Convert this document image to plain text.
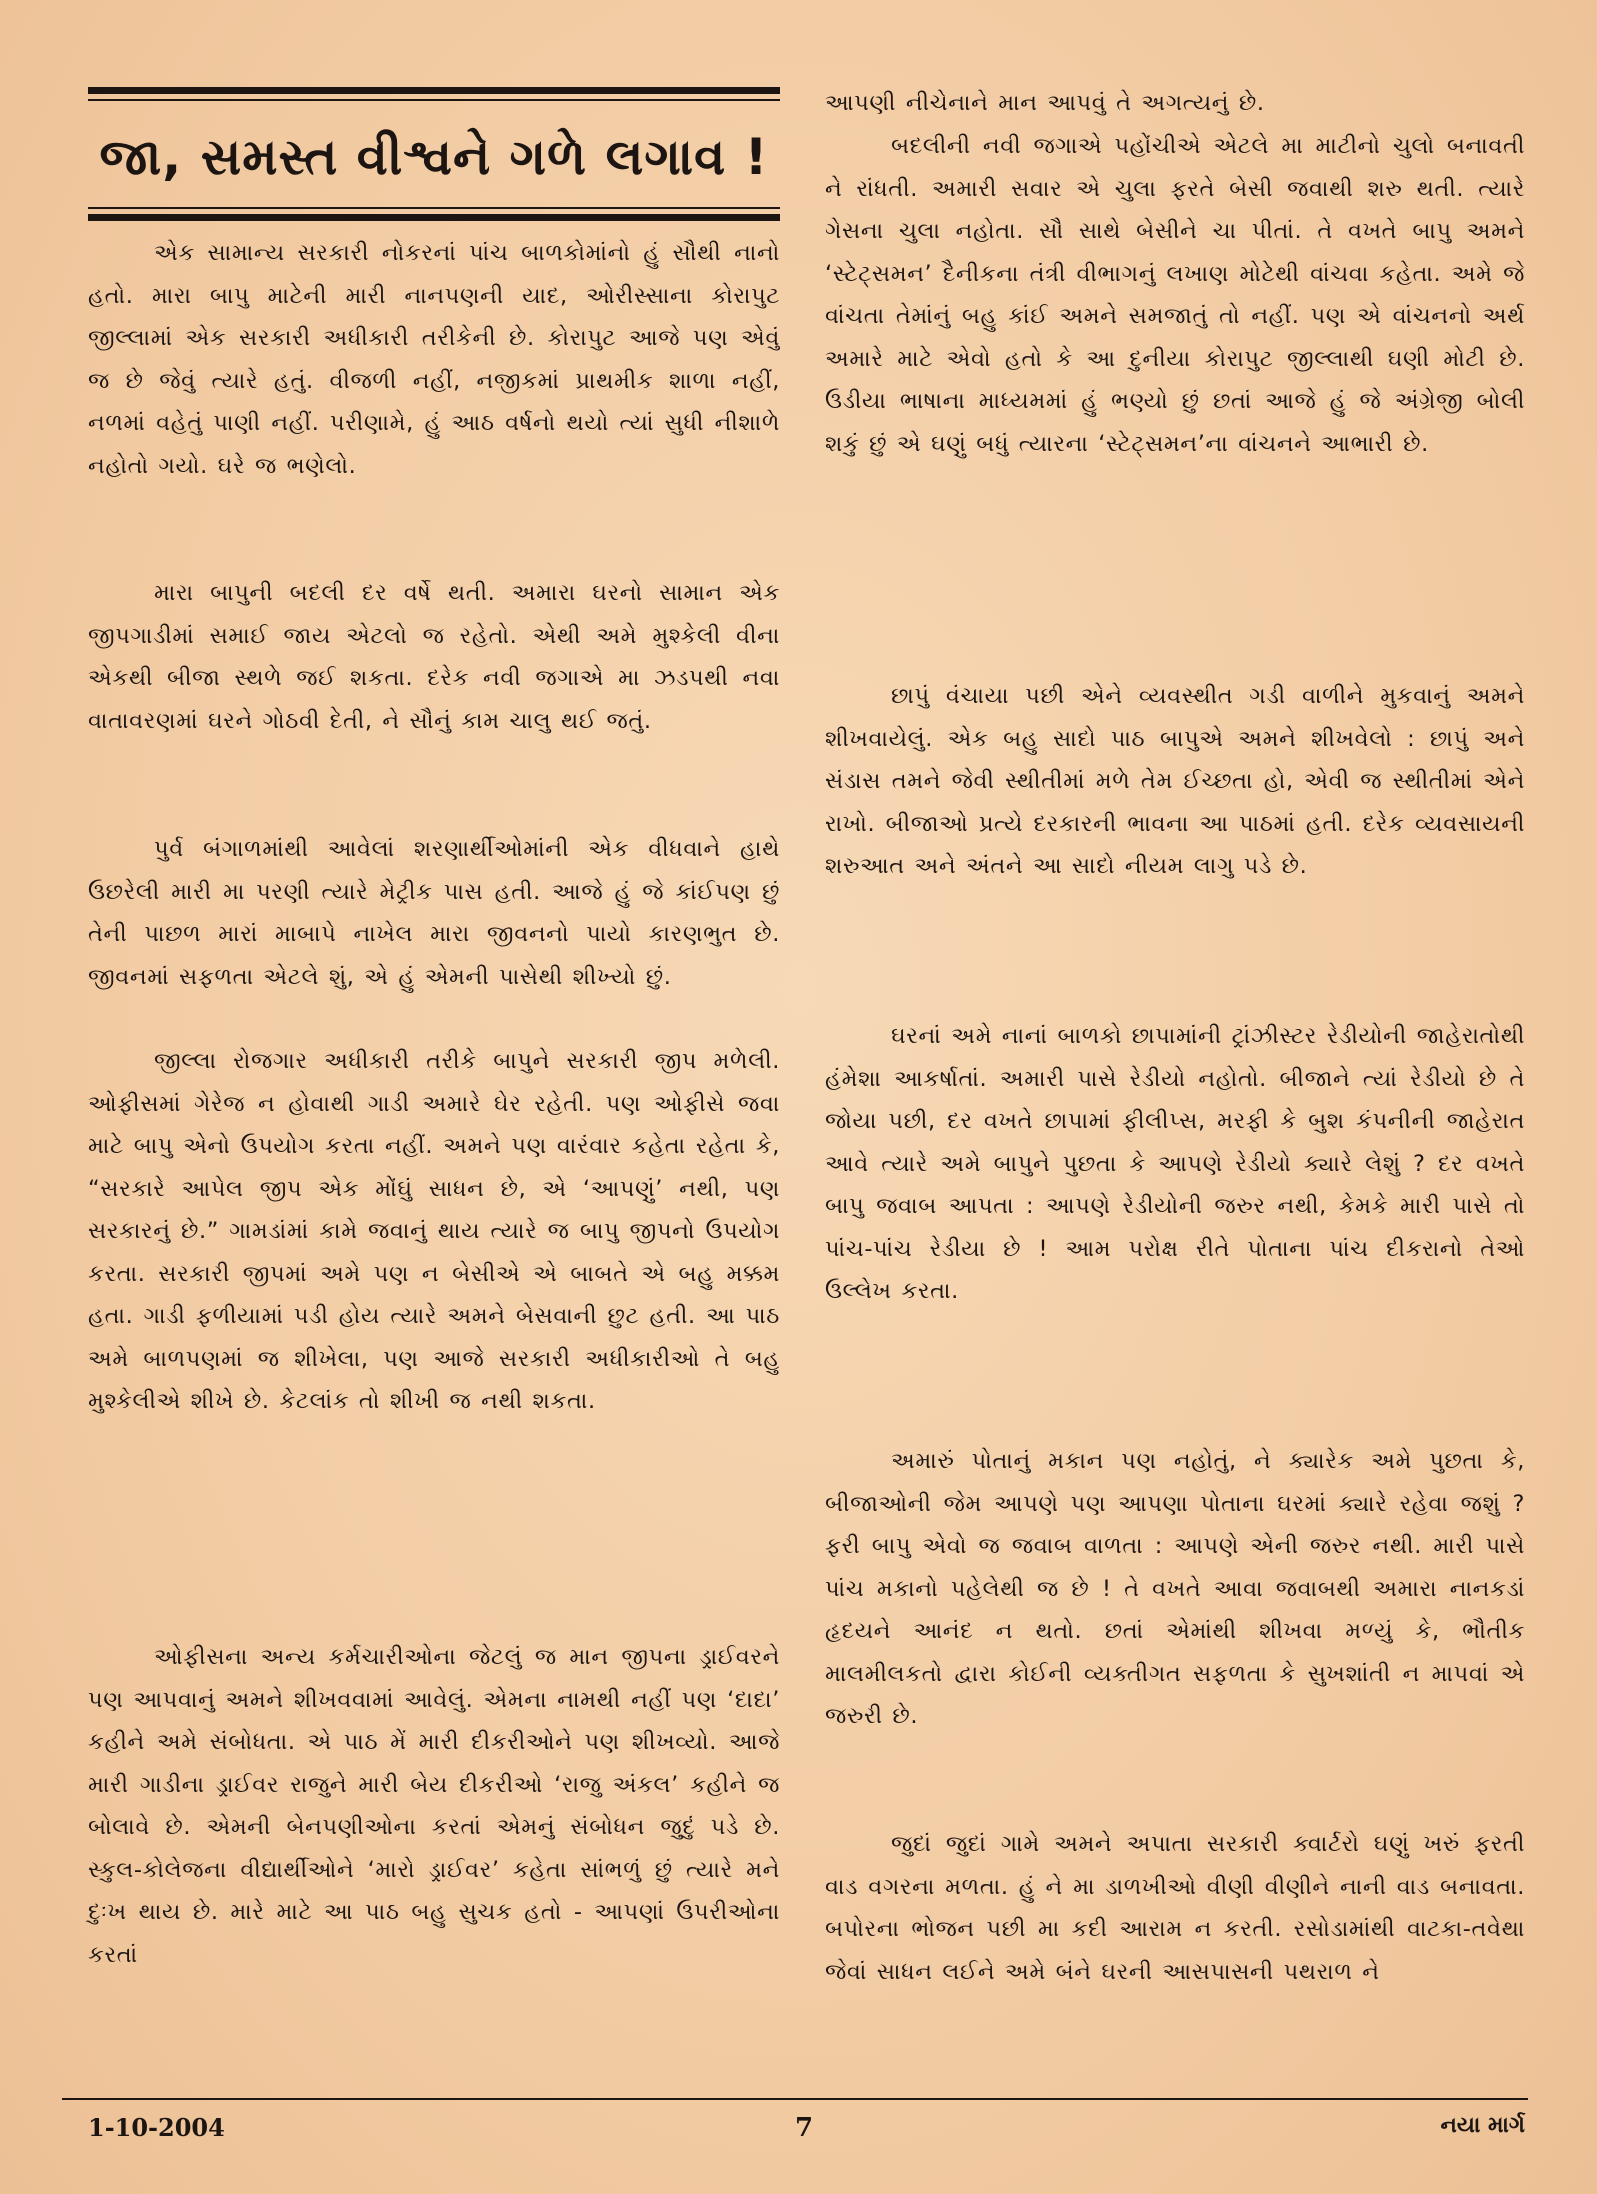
જા, સમસ્ત વીશ્વને ગળે લગાવ !

એક સામાન્ય સરકારી નોકરનાં પાંચ બાળકોમાંનો હું સૌથી નાનો હતો. મારા બાપુ માટેની મારી નાનપણની યાદ, ઓરીસ્સાના કોરાપુટ જીલ્લામાં એક સરકારી અધીકારી તરીકેની છે. કોરાપુટ આજે પણ એવું જ છે જેવું ત્યારે હતું. વીજળી નહીં, નજીકમાં પ્રાથમીક શાળા નહીં, નળમાં વહેતું પાણી નહીં. પરીણામે, હું આઠ વર્ષનો થયો ત્યાં સુધી નીશાળે નહોતો ગયો. ઘરે જ ભણેલો.

મારા બાપુની બદલી દર વર્ષે થતી. અમારા ઘરનો સામાન એક જીપગાડીમાં સમાઈ જાય એટલો જ રહેતો. એથી અમે મુશ્કેલી વીના એકથી બીજા સ્થળે જઈ શકતા. દરેક નવી જગાએ મા ઝડપથી નવા વાતાવરણમાં ઘરને ગોઠવી દેતી, ને સૌનું કામ ચાલુ થઈ જતું.

પુર્વ બંગાળમાંથી આવેલાં શરણાર્થીઓમાંની એક વીધવાને હાથે ઉછરેલી મારી મા પરણી ત્યારે મેટ્રીક પાસ હતી. આજે હું જે કાંઈપણ છું તેની પાછળ મારાં માબાપે નાખેલ મારા જીવનનો પાયો કારણભુત છે. જીવનમાં સફળતા એટલે શું, એ હું એમની પાસેથી શીખ્યો છું.

જીલ્લા રોજગાર અધીકારી તરીકે બાપુને સરકારી જીપ મળેલી. ઓફીસમાં ગેરેજ ન હોવાથી ગાડી અમારે ઘેર રહેતી. પણ ઓફીસે જવા માટે બાપુ એનો ઉપયોગ કરતા નહીં. અમને પણ વારંવાર કહેતા રહેતા કે, “સરકારે આપેલ જીપ એક મોંઘું સાધન છે, એ ‘આપણું’ નથી, પણ સરકારનું છે.” ગામડાંમાં કામે જવાનું થાય ત્યારે જ બાપુ જીપનો ઉપયોગ કરતા. સરકારી જીપમાં અમે પણ ન બેસીએ એ બાબતે એ બહુ મક્કમ હતા. ગાડી ફળીયામાં પડી હોય ત્યારે અમને બેસવાની છુટ હતી. આ પાઠ અમે બાળપણમાં જ શીખેલા, પણ આજે સરકારી અધીકારીઓ તે બહુ મુશ્કેલીએ શીખે છે. કેટલાંક તો શીખી જ નથી શકતા.

ઓફીસના અન્ય કર્મચારીઓના જેટલું જ માન જીપના ડ્રાઈવરને પણ આપવાનું અમને શીખવવામાં આવેલું. એમના નામથી નહીં પણ ‘દાદા’ કહીને અમે સંબોધતા. એ પાઠ મેં મારી દીકરીઓને પણ શીખવ્યો. આજે મારી ગાડીના ડ્રાઈવર રાજુને મારી બેય દીકરીઓ ‘રાજુ અંકલ’ કહીને જ બોલાવે છે. એમની બેનપણીઓના કરતાં એમનું સંબોધન જુદું પડે છે. સ્કુલ-કોલેજના વીદ્યાર્થીઓને ‘મારો ડ્રાઈવર’ કહેતા સાંભળું છું ત્યારે મને દુઃખ થાય છે. મારે માટે આ પાઠ બહુ સુચક હતો - આપણાં ઉપરીઓના કરતાં

આપણી નીચેનાને માન આપવું તે અગત્યનું છે.

બદલીની નવી જગાએ પહોંચીએ એટલે મા માટીનો ચુલો બનાવતી ને રાંધતી. અમારી સવાર એ ચુલા ફરતે બેસી જવાથી શરુ થતી. ત્યારે ગેસના ચુલા નહોતા. સૌ સાથે બેસીને ચા પીતાં. તે વખતે બાપુ અમને ‘સ્ટેટ્સમન’ દૈનીકના તંત્રી વીભાગનું લખાણ મોટેથી વાંચવા કહેતા. અમે જે વાંચતા તેમાંનું બહુ કાંઈ અમને સમજાતું તો નહીં. પણ એ વાંચનનો અર્થ અમારે માટે એવો હતો કે આ દુનીયા કોરાપુટ જીલ્લાથી ઘણી મોટી છે. ઉડીયા ભાષાના માધ્યમમાં હું ભણ્યો છું છતાં આજે હું જે અંગ્રેજી બોલી શકું છું એ ઘણું બધું ત્યારના ‘સ્ટેટ્સમન’ના વાંચનને આભારી છે.

છાપું વંચાયા પછી એને વ્યવસ્થીત ગડી વાળીને મુકવાનું અમને શીખવાયેલું. એક બહુ સાદો પાઠ બાપુએ અમને શીખવેલો : છાપું અને સંડાસ તમને જેવી સ્થીતીમાં મળે તેમ ઈચ્છતા હો, એવી જ સ્થીતીમાં એને રાખો. બીજાઓ પ્રત્યે દરકારની ભાવના આ પાઠમાં હતી. દરેક વ્યવસાયની શરુઆત અને અંતને આ સાદો નીયમ લાગુ પડે છે.

ઘરનાં અમે નાનાં બાળકો છાપામાંની ટ્રાંઝીસ્ટર રેડીયોની જાહેરાતોથી હંમેશા આકર્ષાતાં. અમારી પાસે રેડીયો નહોતો. બીજાને ત્યાં રેડીયો છે તે જોયા પછી, દર વખતે છાપામાં ફીલીપ્સ, મરફી કે બુશ કંપનીની જાહેરાત આવે ત્યારે અમે બાપુને પુછતા કે આપણે રેડીયો ક્યારે લેશું ? દર વખતે બાપુ જવાબ આપતા : આપણે રેડીયોની જરુર નથી, કેમકે મારી પાસે તો પાંચ-પાંચ રેડીયા છે ! આમ પરોક્ષ રીતે પોતાના પાંચ દીકરાનો તેઓ ઉલ્લેખ કરતા.

અમારું પોતાનું મકાન પણ નહોતું, ને ક્યારેક અમે પુછતા કે, બીજાઓની જેમ આપણે પણ આપણા પોતાના ઘરમાં ક્યારે રહેવા જશું ? ફરી બાપુ એવો જ જવાબ વાળતા : આપણે એની જરુર નથી. મારી પાસે પાંચ મકાનો પહેલેથી જ છે ! તે વખતે આવા જવાબથી અમારા નાનકડાં હૃદયને આનંદ ન થતો. છતાં એમાંથી શીખવા મળ્યું કે, ભૌતીક માલમીલકતો દ્વારા કોઈની વ્યક્તીગત સફળતા કે સુખશાંતી ન માપવાં એ જરુરી છે.

જુદાં જુદાં ગામે અમને અપાતા સરકારી ક્વાર્ટરો ઘણું ખરું ફરતી વાડ વગરના મળતા. હું ને મા ડાળખીઓ વીણી વીણીને નાની વાડ બનાવતા. બપોરના ભોજન પછી મા કદી આરામ ન કરતી. રસોડામાંથી વાટકા-તવેથા જેવાં સાધન લઈને અમે બંને ઘરની આસપાસની પથરાળ ને

1-10-2004	7	નયા માર્ગ
